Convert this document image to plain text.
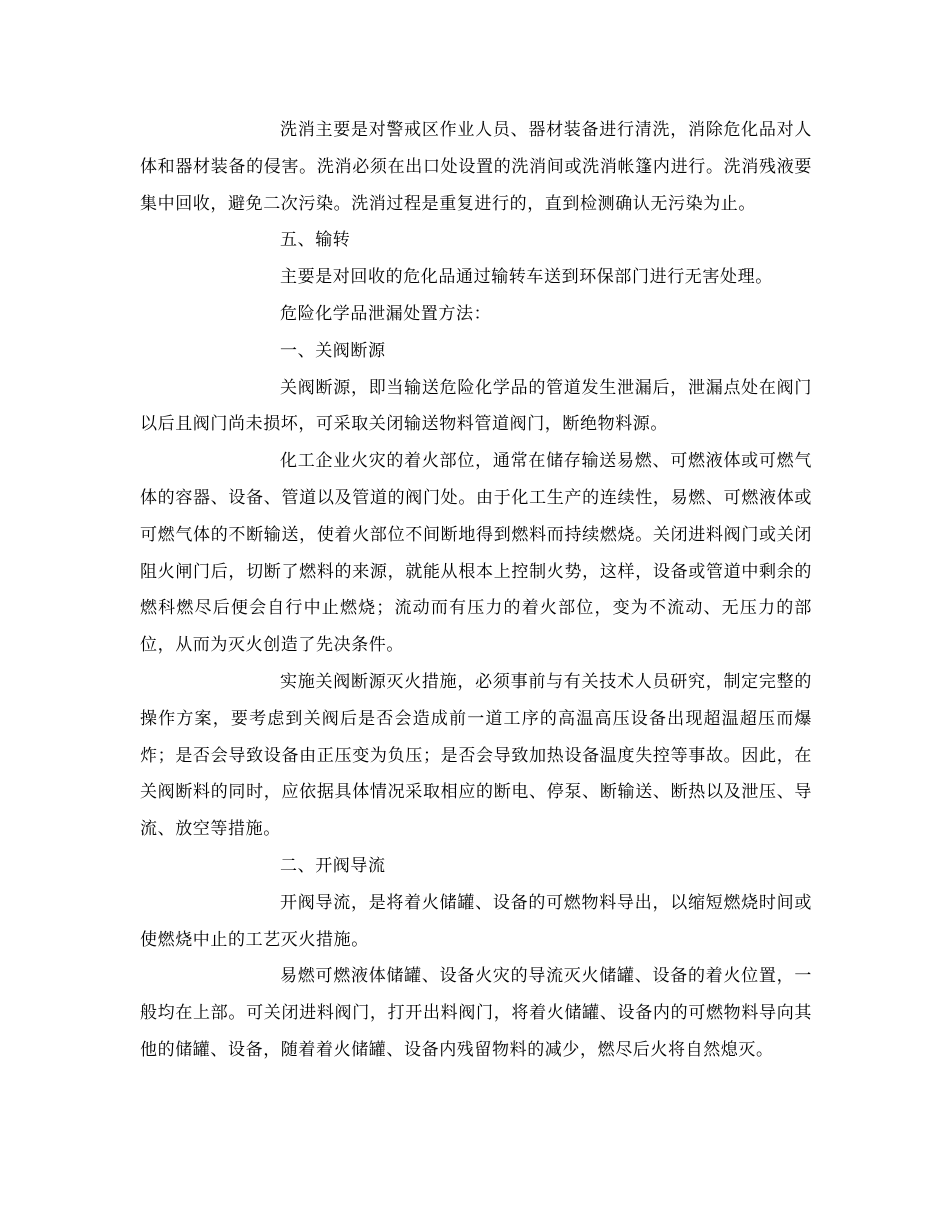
洗消主要是对警戒区作业人员、器材装备进行清洗，消除危化品对人体和器材装备的侵害。洗消必须在出口处设置的洗消间或洗消帐篷内进行。洗消残液要集中回收，避免二次污染。洗消过程是重复进行的，直到检测确认无污染为止。

五、输转

主要是对回收的危化品通过输转车送到环保部门进行无害处理。

危险化学品泄漏处置方法：

一、关阀断源

关阀断源，即当输送危险化学品的管道发生泄漏后，泄漏点处在阀门以后且阀门尚未损坏，可采取关闭输送物料管道阀门，断绝物料源。

化工企业火灾的着火部位，通常在储存输送易燃、可燃液体或可燃气体的容器、设备、管道以及管道的阀门处。由于化工生产的连续性，易燃、可燃液体或可燃气体的不断输送，使着火部位不间断地得到燃料而持续燃烧。关闭进料阀门或关闭阻火闸门后，切断了燃料的来源，就能从根本上控制火势，这样，设备或管道中剩余的燃科燃尽后便会自行中止燃烧；流动而有压力的着火部位，变为不流动、无压力的部位，从而为灭火创造了先决条件。

实施关阀断源灭火措施，必须事前与有关技术人员研究，制定完整的操作方案，要考虑到关阀后是否会造成前一道工序的高温高压设备出现超温超压而爆炸；是否会导致设备由正压变为负压；是否会导致加热设备温度失控等事故。因此，在关阀断料的同时，应依据具体情况采取相应的断电、停泵、断输送、断热以及泄压、导流、放空等措施。

二、开阀导流

开阀导流，是将着火储罐、设备的可燃物料导出，以缩短燃烧时间或使燃烧中止的工艺灭火措施。

易燃可燃液体储罐、设备火灾的导流灭火储罐、设备的着火位置，一般均在上部。可关闭进料阀门，打开出料阀门，将着火储罐、设备内的可燃物料导向其他的储罐、设备，随着着火储罐、设备内残留物料的减少，燃尽后火将自然熄灭。
